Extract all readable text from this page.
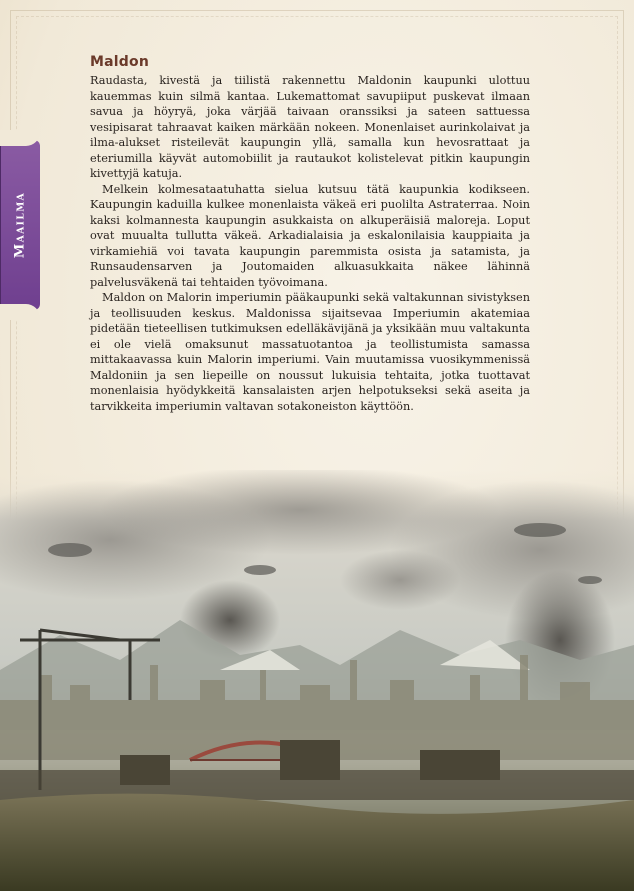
Maailma
Maldon

Raudasta, kivestä ja tiilistä rakennettu Maldonin kaupunki ulottuu kauemmas kuin silmä kantaa. Lukemattomat savupiiput puskevat ilmaan savua ja höyryä, joka värjää taivaan oranssiksi ja sateen sattuessa vesipisarat tahraavat kaiken märkään nokeen. Monenlaiset aurinkolaivat ja ilma-alukset risteilevät kaupungin yllä, samalla kun hevosrattaat ja eteriumilla käyvät automobiilit ja rautaukot kolistelevat pitkin kaupungin kivettyjä katuja.

Melkein kolmesataatuhatta sielua kutsuu tätä kaupunkia kodikseen. Kaupungin kaduilla kulkee monenlaista väkeä eri puolilta Astraterraa. Noin kaksi kolmannesta kaupungin asukkaista on alkuperäisiä maloreja. Loput ovat muualta tullutta väkeä. Arkadialaisia ja eskalonilaisia kauppiaita ja virkamiehiä voi tavata kaupungin paremmista osista ja satamista, ja Runsaudensarven ja Joutomaiden alkuasukkaita näkee lähinnä palvelusväkenä tai tehtaiden työvoimana.

Maldon on Malorin imperiumin pääkaupunki sekä valtakunnan sivistyksen ja teollisuuden keskus. Maldonissa sijaitsevaa Imperiumin akatemiaa pidetään tieteellisen tutkimuksen edelläkävijänä ja yksikään muu valtakunta ei ole vielä omaksunut massatuotantoa ja teollistumista samassa mittakaavassa kuin Malorin imperiumi. Vain muutamissa vuosikymmenissä Maldoniin ja sen liepeille on noussut lukuisia tehtaita, jotka tuottavat monenlaisia hyödykkeitä kansalaisten arjen helpotukseksi sekä aseita ja tarvikkeita imperiumin valtavan sotakoneiston käyttöön.
